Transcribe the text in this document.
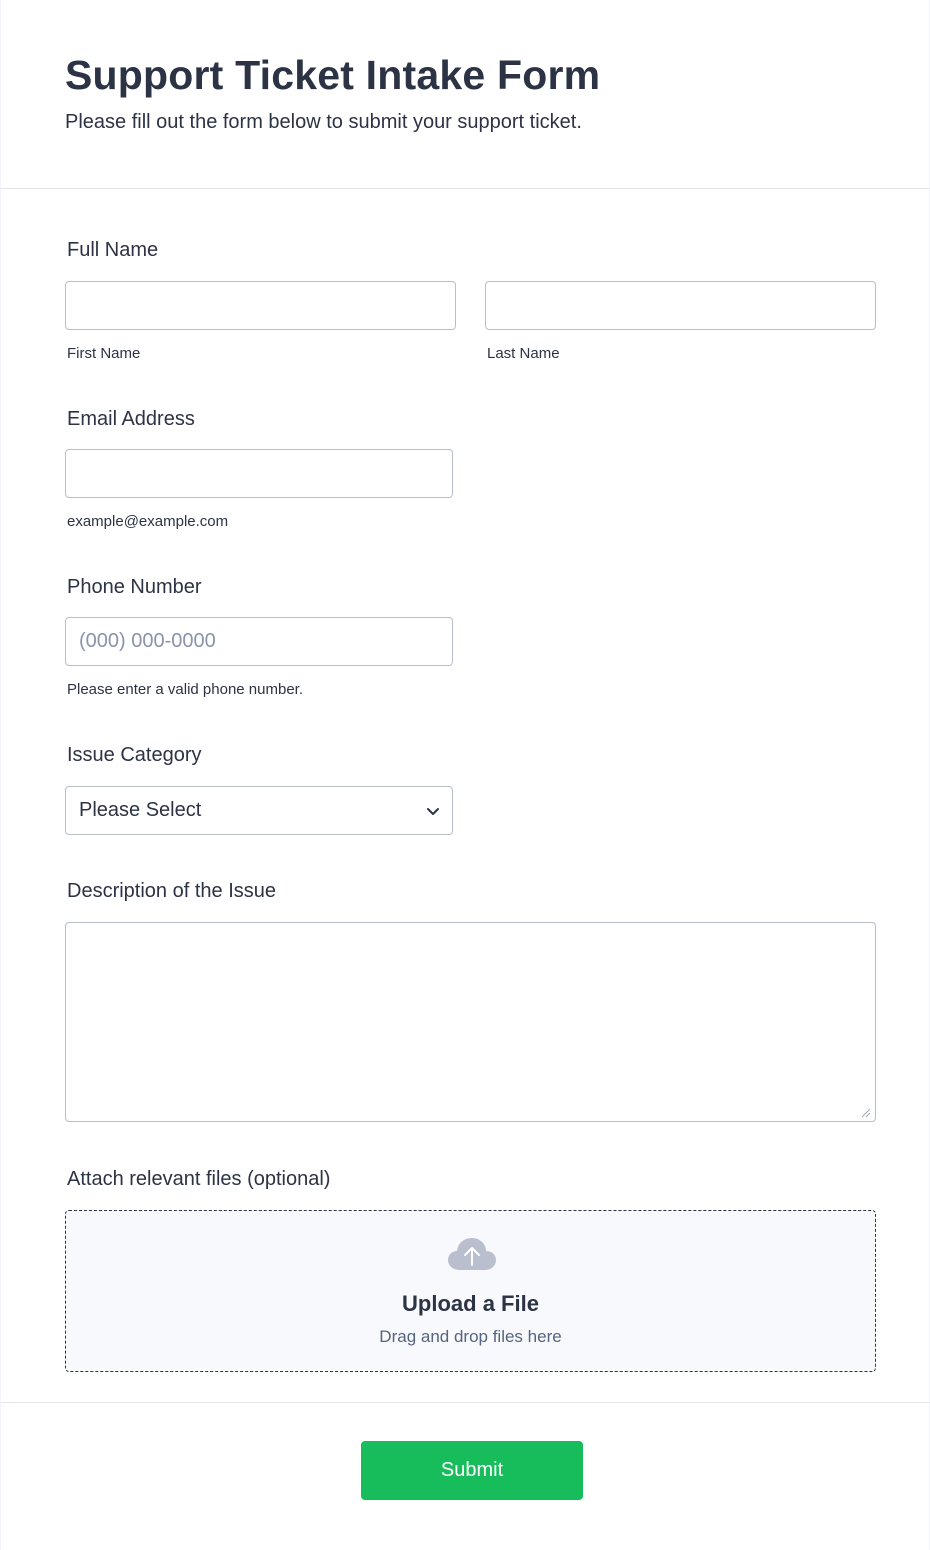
Support Ticket Intake Form
Please fill out the form below to submit your support ticket.
Full Name
First Name	Last Name
Email Address
example@example.com
Phone Number
(000) 000-0000
Please enter a valid phone number.
Issue Category
Please Select
Description of the Issue
Attach relevant files (optional)
Upload a File
Drag and drop files here
Submit
